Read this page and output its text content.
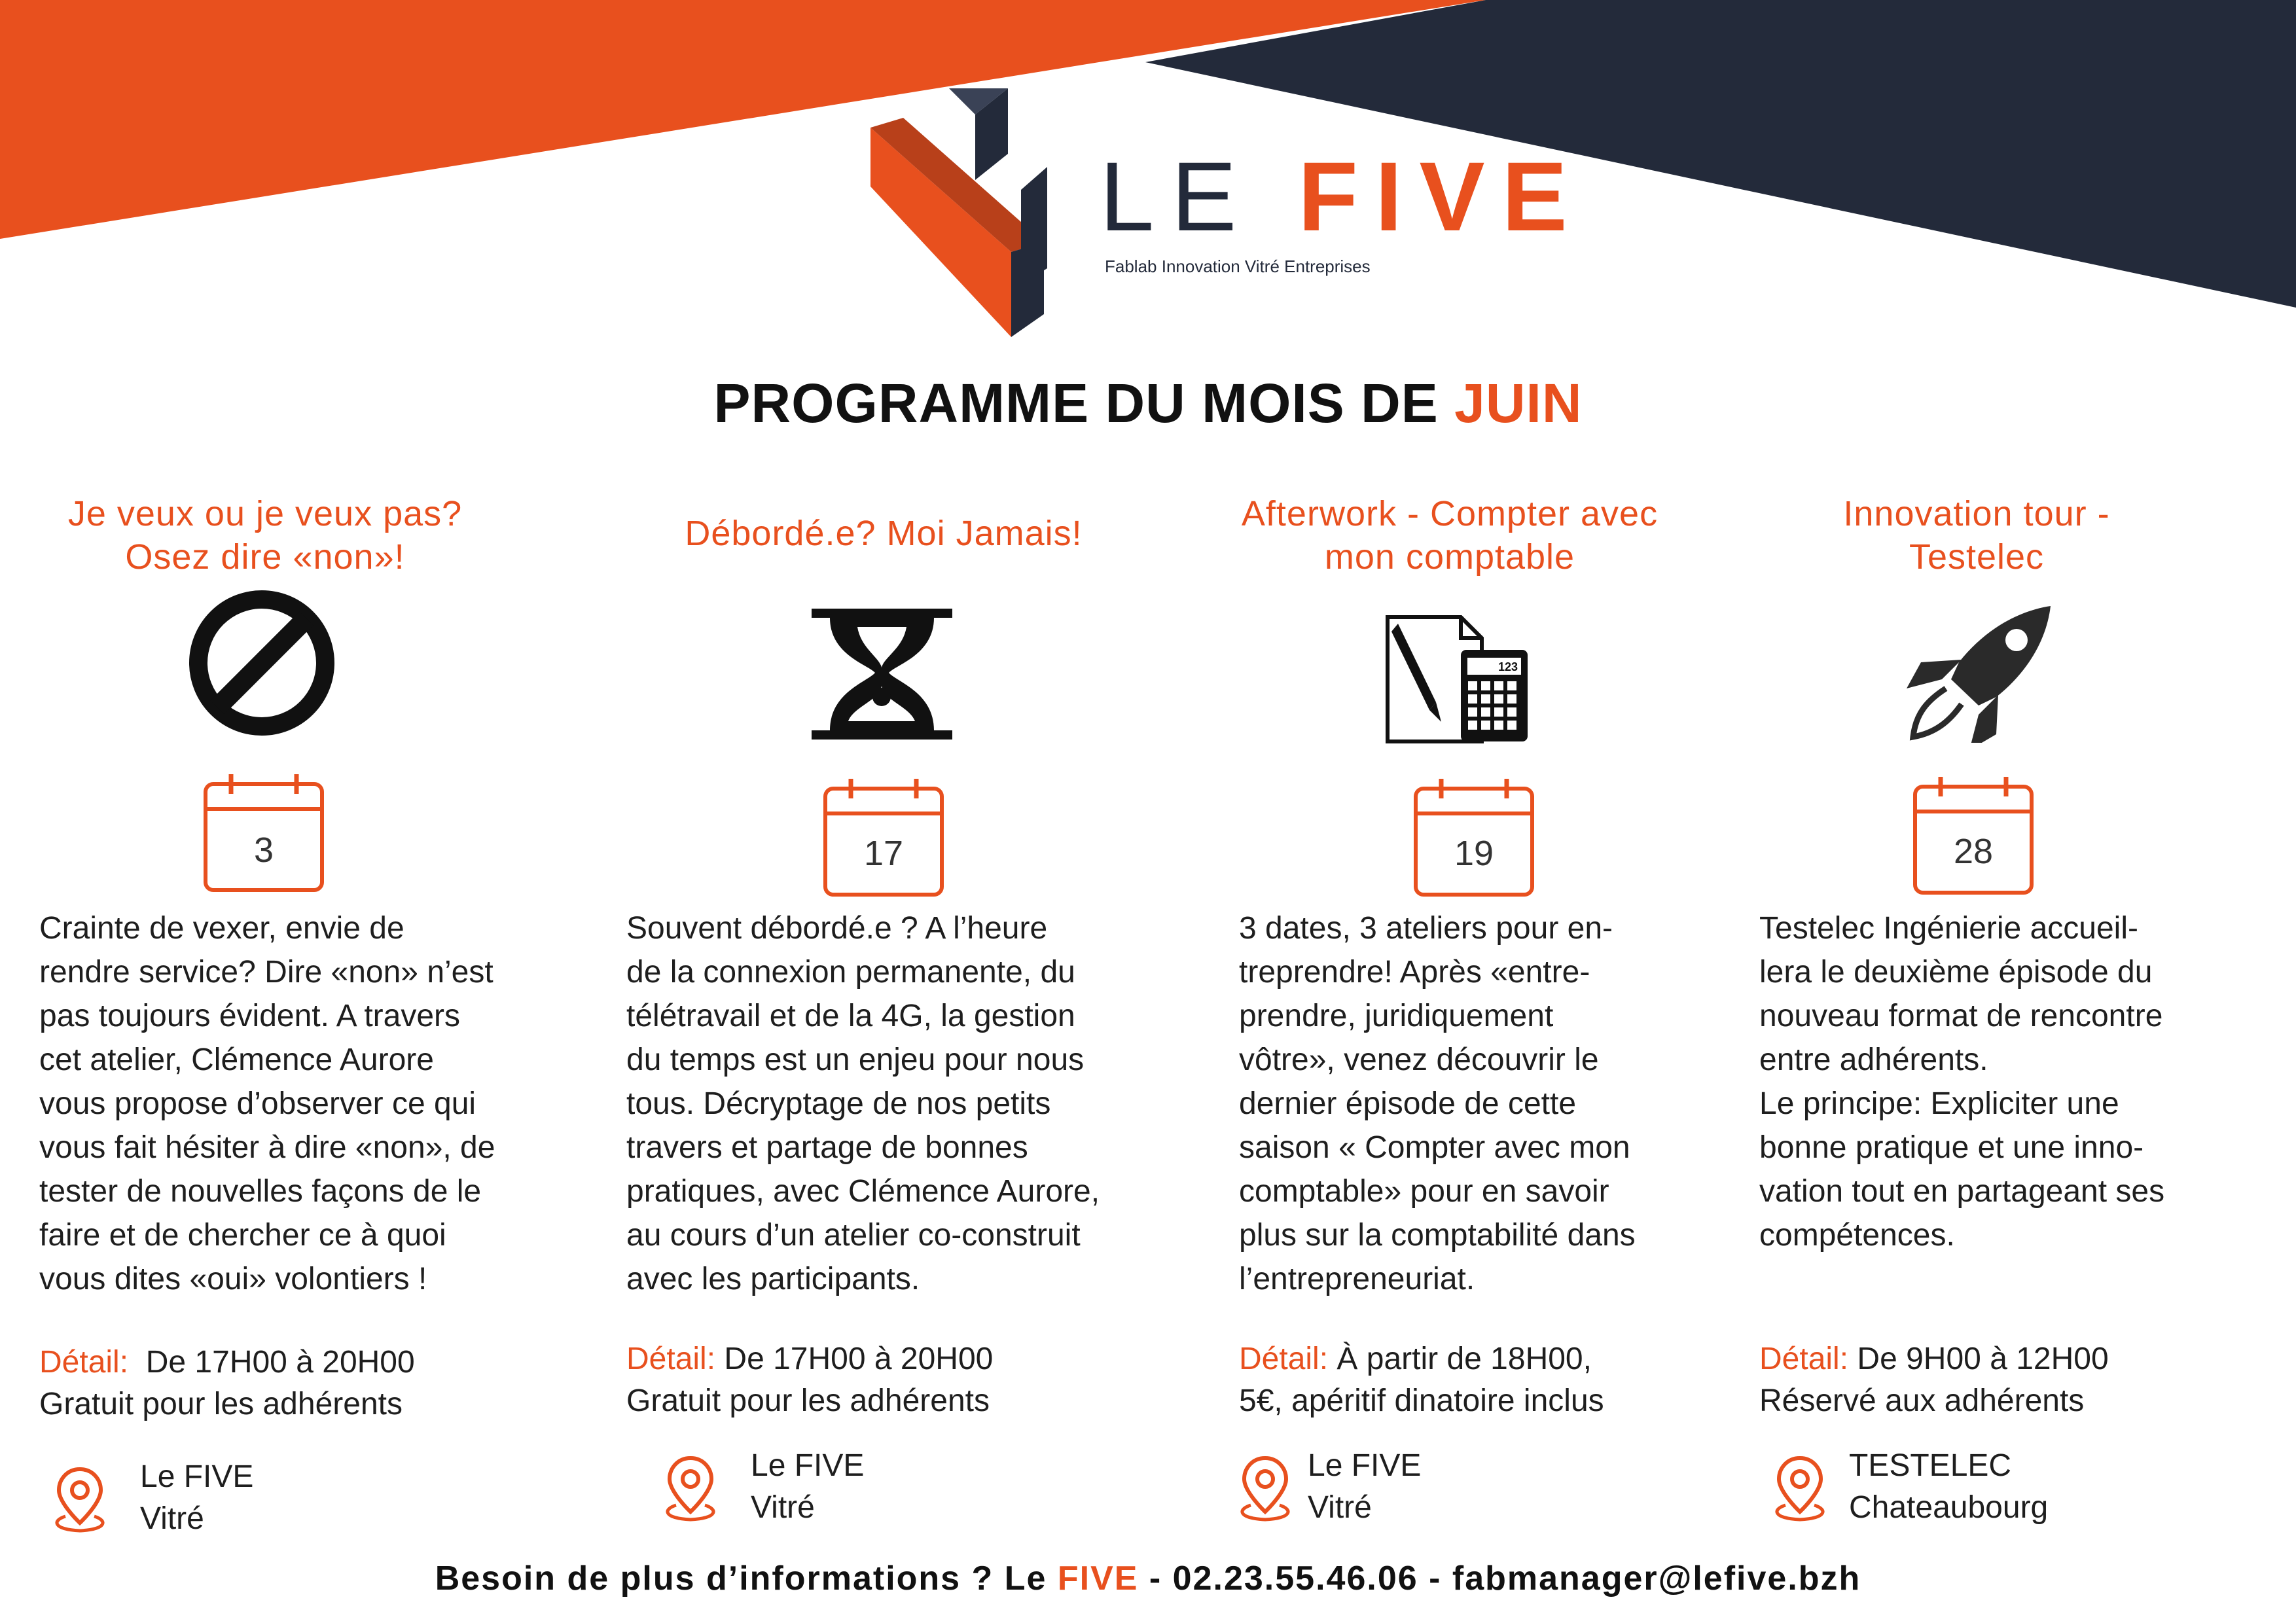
LE FIVE
Fablab Innovation Vitré Entreprises
PROGRAMME DU MOIS DE JUIN
Je veux ou je veux pas?
Osez dire «non»!
3
Crainte de vexer, envie de
rendre service? Dire «non» n’est
pas toujours évident. A travers
cet atelier, Clémence Aurore
vous propose d’observer ce qui
vous fait hésiter à dire «non», de
tester de nouvelles façons de le
faire et de chercher ce à quoi
vous dites «oui» volontiers !
Détail: De 17H00 à 20H00
Gratuit pour les adhérents
Le FIVE
Vitré
Débordé.e? Moi Jamais!
17
Souvent débordé.e ? A l’heure
de la connexion permanente, du
télétravail et de la 4G, la gestion
du temps est un enjeu pour nous
tous. Décryptage de nos petits
travers et partage de bonnes
pratiques, avec Clémence Aurore,
au cours d’un atelier co-construit
avec les participants.
Détail: De 17H00 à 20H00
Gratuit pour les adhérents
Le FIVE
Vitré
Afterwork - Compter avec
mon comptable
123
19
3 dates, 3 ateliers pour en-
treprendre! Après «entre-
prendre, juridiquement
vôtre», venez découvrir le
dernier épisode de cette
saison « Compter avec mon
comptable» pour en savoir
plus sur la comptabilité dans
l’entrepreneuriat.
Détail: À partir de 18H00,
5€, apéritif dinatoire inclus
Le FIVE
Vitré
Innovation tour -
Testelec
28
Testelec Ingénierie accueil-
lera le deuxième épisode du
nouveau format de rencontre
entre adhérents.
Le principe: Expliciter une
bonne pratique et une inno-
vation tout en partageant ses
compétences.
Détail: De 9H00 à 12H00
Réservé aux adhérents
TESTELEC
Chateaubourg
Besoin de plus d’informations ? Le FIVE - 02.23.55.46.06 - fabmanager@lefive.bzh
